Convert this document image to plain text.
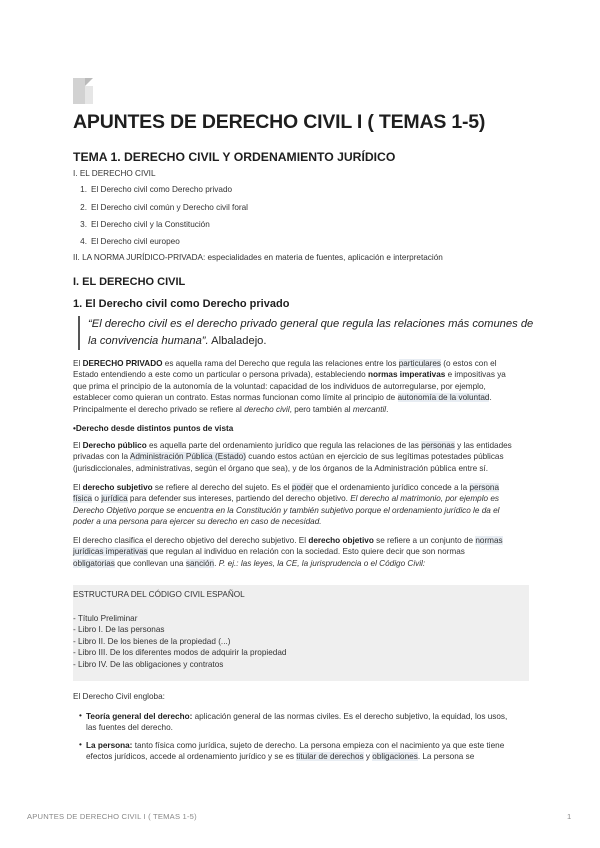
APUNTES DE DERECHO CIVIL I ( TEMAS 1-5)
TEMA 1. DERECHO CIVIL Y ORDENAMIENTO JURÍDICO
I. EL DERECHO CIVIL
1. El Derecho civil como Derecho privado
2. El Derecho civil común y Derecho civil foral
3. El Derecho civil y la Constitución
4. El Derecho civil europeo
II. LA NORMA JURÍDICO-PRIVADA: especialidades en materia de fuentes, aplicación e interpretación
I. EL DERECHO CIVIL
1. El Derecho civil como Derecho privado
“El derecho civil es el derecho privado general que regula las relaciones más comunes de la convivencia humana”. Albaladejo.
El DERECHO PRIVADO es aquella rama del Derecho que regula las relaciones entre los particulares (o estos con el
Estado entendiendo a este como un particular o persona privada), estableciendo normas imperativas e impositivas ya
que prima el principio de la autonomía de la voluntad: capacidad de los individuos de autorregularse, por ejemplo,
establecer como quieran un contrato. Estas normas funcionan como límite al principio de autonomía de la voluntad.
Principalmente el derecho privado se refiere al derecho civil, pero también al mercantil.
•Derecho desde distintos puntos de vista
El Derecho público es aquella parte del ordenamiento jurídico que regula las relaciones de las personas y las entidades
privadas con la Administración Pública (Estado) cuando estos actúan en ejercicio de sus legítimas potestades públicas
(jurisdiccionales, administrativas, según el órgano que sea), y de los órganos de la Administración pública entre sí.
El derecho subjetivo se refiere al derecho del sujeto. Es el poder que el ordenamiento jurídico concede a la persona
física o jurídica para defender sus intereses, partiendo del derecho objetivo. El derecho al matrimonio, por ejemplo es
Derecho Objetivo porque se encuentra en la Constitución y también subjetivo porque el ordenamiento jurídico le da el
poder a una persona para ejercer su derecho en caso de necesidad.
El derecho clasifica el derecho objetivo del derecho subjetivo. El derecho objetivo se refiere a un conjunto de normas
jurídicas imperativas que regulan al individuo en relación con la sociedad. Esto quiere decir que son normas
obligatorias que conllevan una sanción. P. ej.: las leyes, la CE, la jurisprudencia o el Código Civil:
ESTRUCTURA DEL CÓDIGO CIVIL ESPAÑOL
- Título Preliminar
- Libro I. De las personas
- Libro II. De los bienes de la propiedad (...)
- Libro III. De los diferentes modos de adquirir la propiedad
- Libro IV. De las obligaciones y contratos
El Derecho Civil engloba:
• Teoría general del derecho: aplicación general de las normas civiles. Es el derecho subjetivo, la equidad, los usos,
las fuentes del derecho.
• La persona: tanto física como jurídica, sujeto de derecho. La persona empieza con el nacimiento ya que este tiene
efectos jurídicos, accede al ordenamiento jurídico y se es titular de derechos y obligaciones. La persona se
APUNTES DE DERECHO CIVIL I ( TEMAS 1-5)	1
